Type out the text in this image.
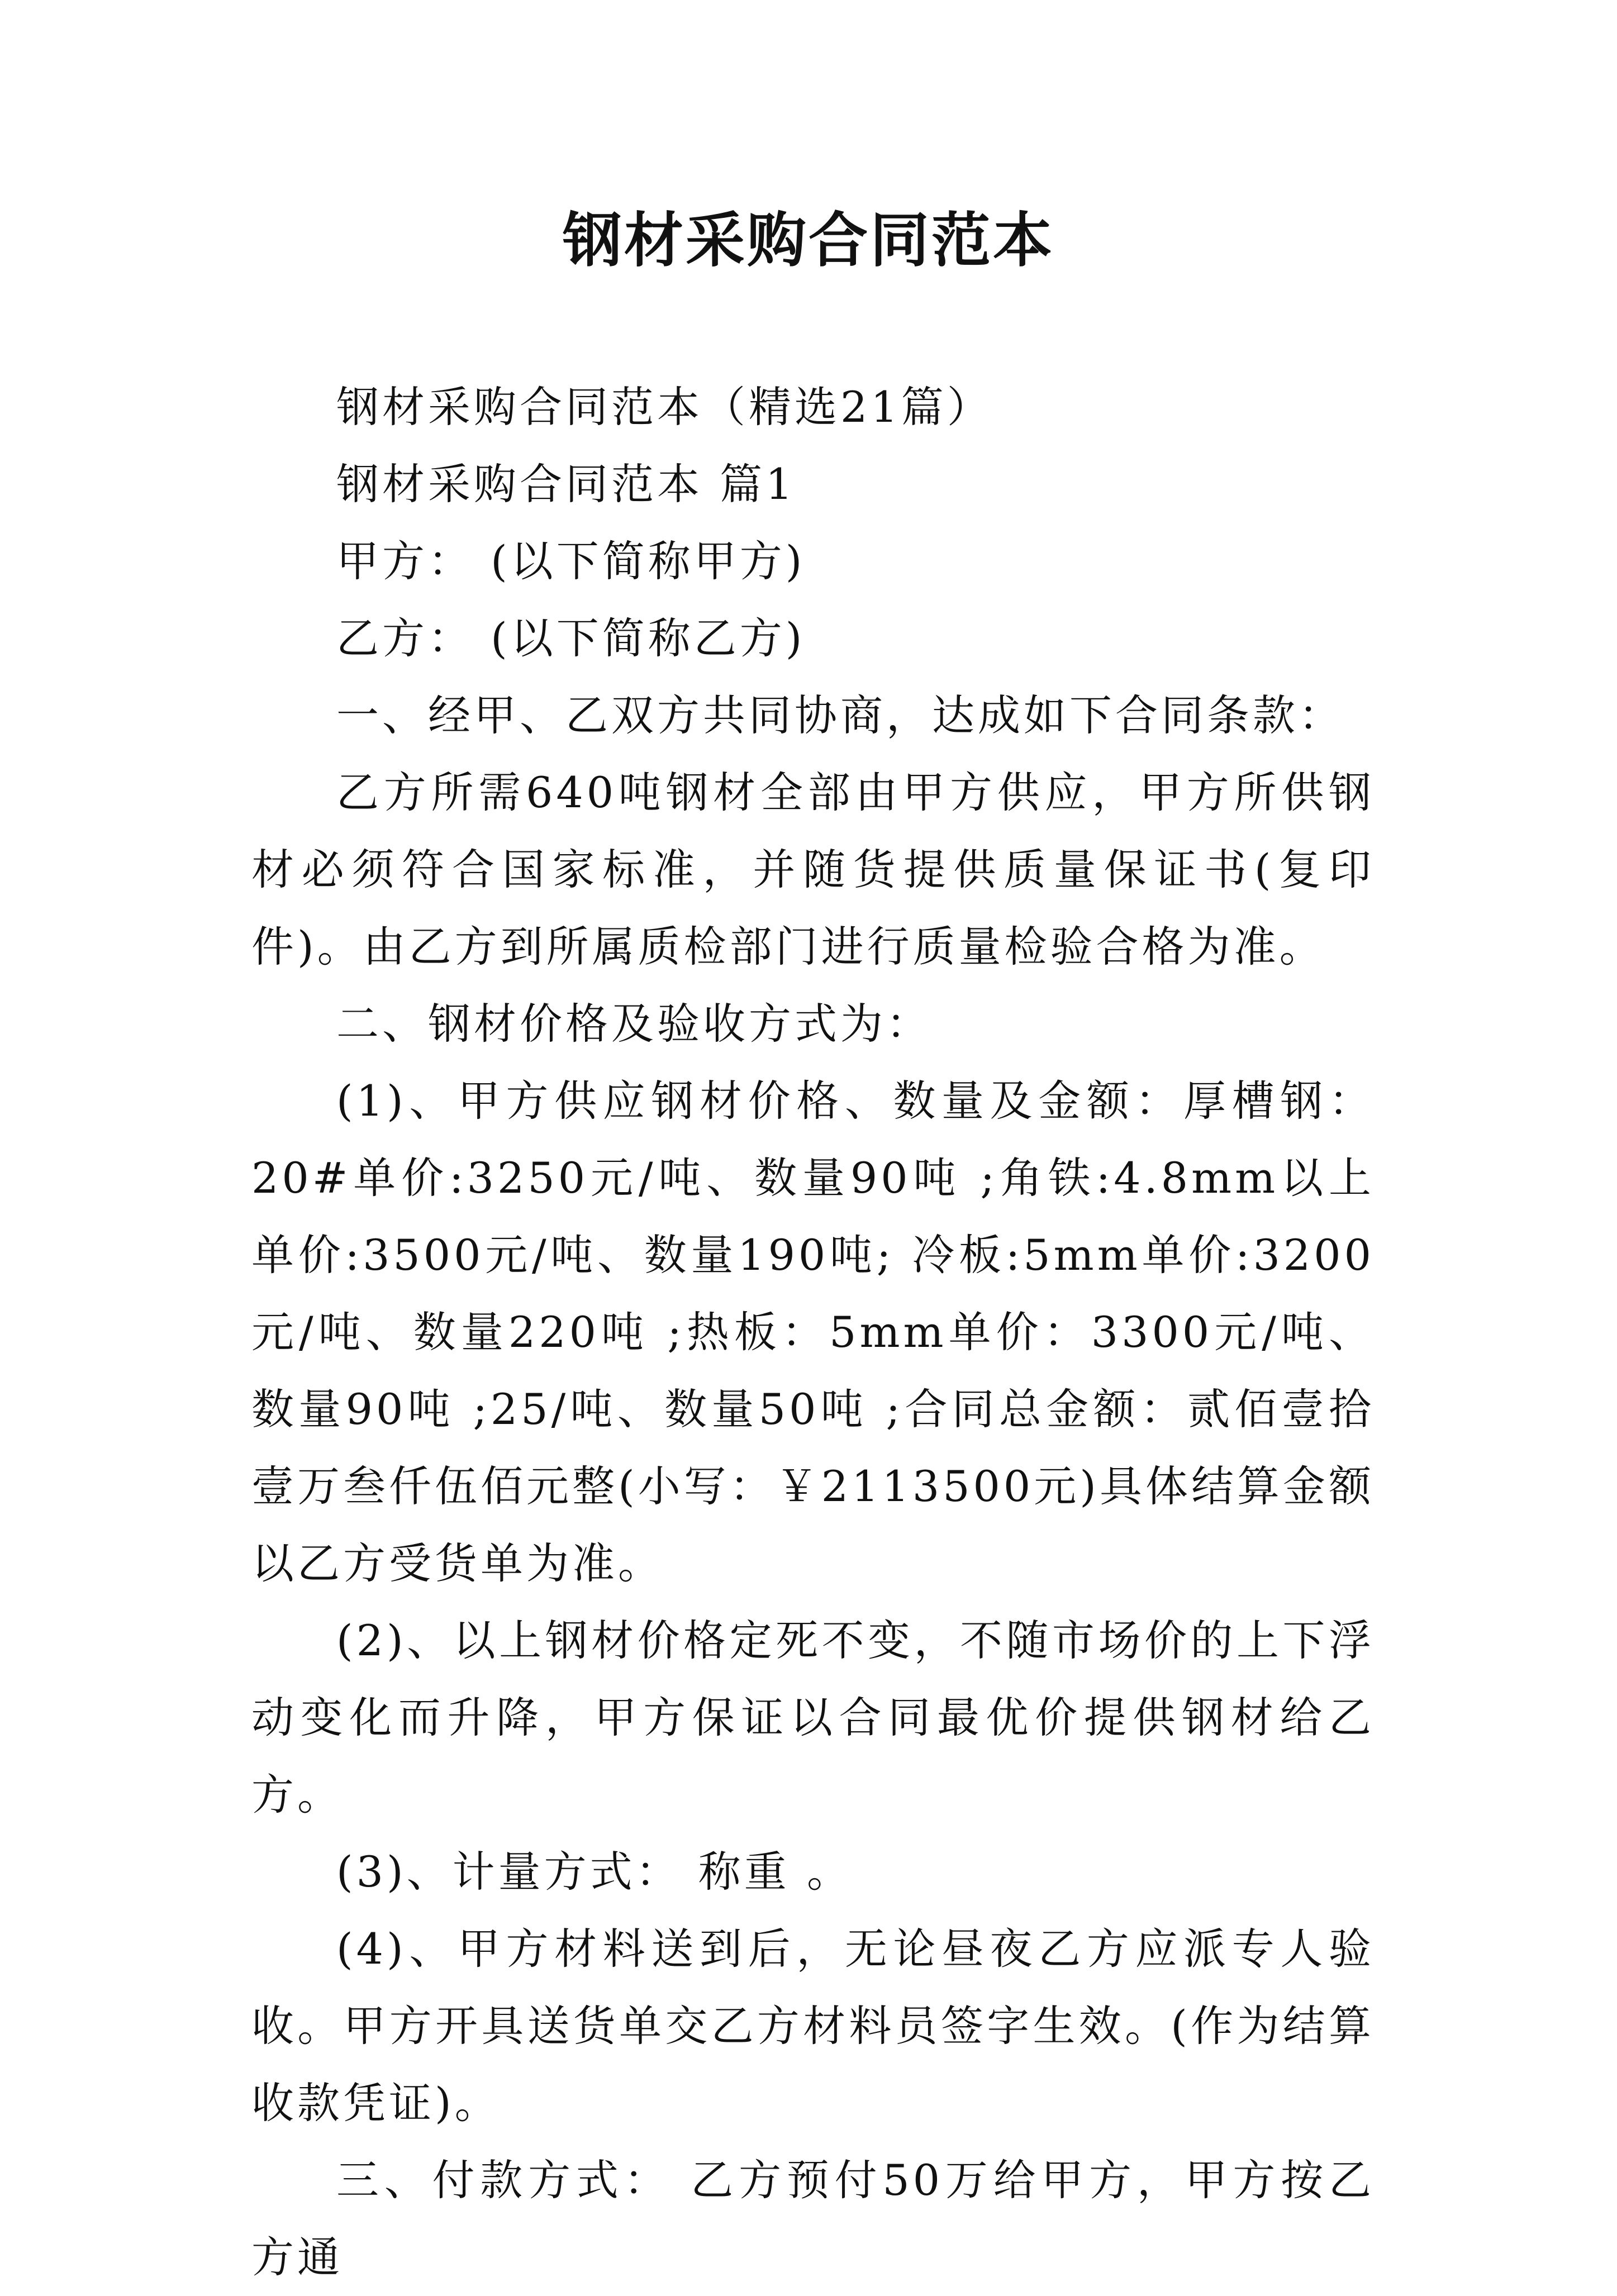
钢材采购合同范本

钢材采购合同范本（精选21篇）

钢材采购合同范本 篇1

甲方： (以下简称甲方)

乙方： (以下简称乙方)

一、经甲、乙双方共同协商，达成如下合同条款：

乙方所需640吨钢材全部由甲方供应，甲方所供钢材必须符合国家标准，并随货提供质量保证书(复印件)。由乙方到所属质检部门进行质量检验合格为准。

二、钢材价格及验收方式为：

(1)、甲方供应钢材价格、数量及金额：厚槽钢： 20#单价:3250元/吨、数量90吨 ;角铁:4.8mm以上 单价:3500元/吨、数量190吨; 冷板:5mm单价:3200元/吨、数量220吨 ;热板：5mm单价：3300元/吨、数量90吨 ;25/吨、数量50吨 ;合同总金额：贰佰壹拾壹万叁仟伍佰元整(小写：￥2113500元)具体结算金额以乙方受货单为准。

(2)、以上钢材价格定死不变，不随市场价的上下浮动变化而升降，甲方保证以合同最优价提供钢材给乙方。

(3)、计量方式： 称重 。

(4)、甲方材料送到后，无论昼夜乙方应派专人验收。甲方开具送货单交乙方材料员签字生效。(作为结算收款凭证)。

三、付款方式： 乙方预付50万给甲方，甲方按乙方通
